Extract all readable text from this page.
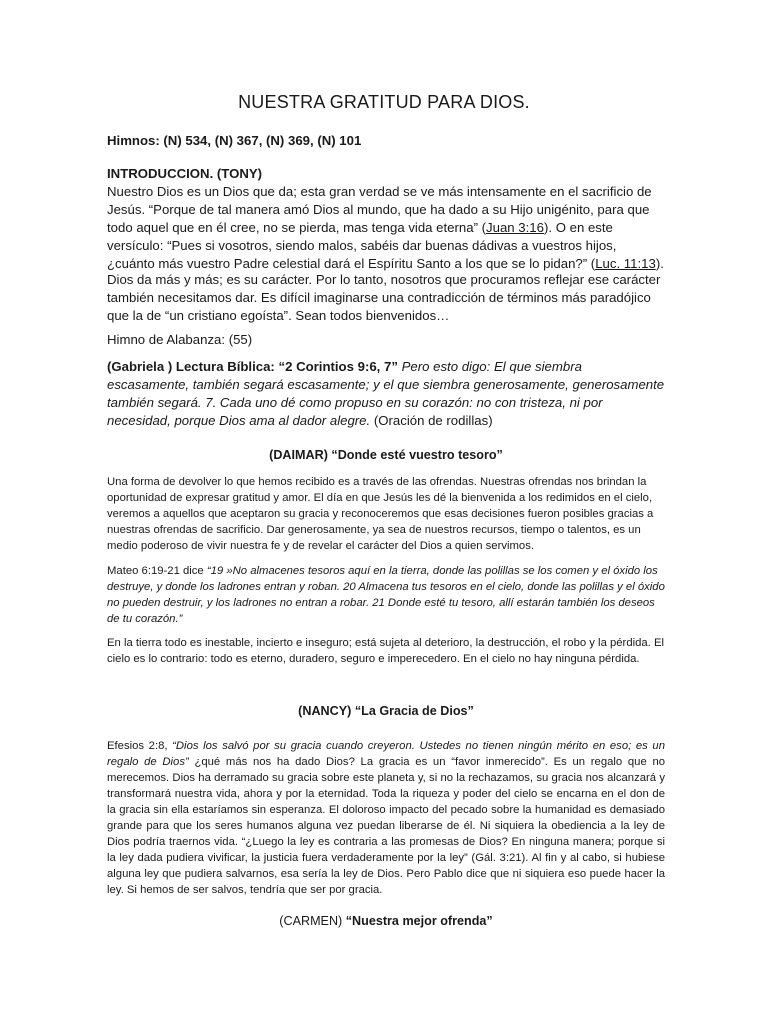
NUESTRA GRATITUD PARA DIOS.

Himnos: (N) 534, (N) 367, (N) 369, (N) 101

INTRODUCCION. (TONY)

Nuestro Dios es un Dios que da; esta gran verdad se ve más intensamente en el sacrificio de Jesús. “Porque de tal manera amó Dios al mundo, que ha dado a su Hijo unigénito, para que todo aquel que en él cree, no se pierda, mas tenga vida eterna” (Juan 3:16). O en este versículo: “Pues si vosotros, siendo malos, sabéis dar buenas dádivas a vuestros hijos, ¿cuánto más vuestro Padre celestial dará el Espíritu Santo a los que se lo pidan?” (Luc. 11:13).

Dios da más y más; es su carácter. Por lo tanto, nosotros que procuramos reflejar ese carácter también necesitamos dar. Es difícil imaginarse una contradicción de términos más paradójico que la de “un cristiano egoísta”. Sean todos bienvenidos…

Himno de Alabanza: (55)

(Gabriela ) Lectura Bíblica: “2 Corintios 9:6, 7” Pero esto digo: El que siembra escasamente, también segará escasamente; y el que siembra generosamente, generosamente también segará. 7. Cada uno dé como propuso en su corazón: no con tristeza, ni por necesidad, porque Dios ama al dador alegre. (Oración de rodillas)

(DAIMAR) “Donde esté vuestro tesoro”

Una forma de devolver lo que hemos recibido es a través de las ofrendas. Nuestras ofrendas nos brindan la oportunidad de expresar gratitud y amor. El día en que Jesús les dé la bienvenida a los redimidos en el cielo, veremos a aquellos que aceptaron su gracia y reconoceremos que esas decisiones fueron posibles gracias a nuestras ofrendas de sacrificio. Dar generosamente, ya sea de nuestros recursos, tiempo o talentos, es un medio poderoso de vivir nuestra fe y de revelar el carácter del Dios a quien servimos.

Mateo 6:19-21 dice “19 »No almacenes tesoros aquí en la tierra, donde las polillas se los comen y el óxido los destruye, y donde los ladrones entran y roban. 20 Almacena tus tesoros en el cielo, donde las polillas y el óxido no pueden destruir, y los ladrones no entran a robar. 21 Donde esté tu tesoro, allí estarán también los deseos de tu corazón.”

En la tierra todo es inestable, incierto e inseguro; está sujeta al deterioro, la destrucción, el robo y la pérdida. El cielo es lo contrario: todo es eterno, duradero, seguro e imperecedero. En el cielo no hay ninguna pérdida.

(NANCY) “La Gracia de Dios”

Efesios 2:8, “Dios los salvó por su gracia cuando creyeron. Ustedes no tienen ningún mérito en eso; es un regalo de Dios” ¿qué más nos ha dado Dios? La gracia es un “favor inmerecido”. Es un regalo que no merecemos. Dios ha derramado su gracia sobre este planeta y, si no la rechazamos, su gracia nos alcanzará y transformará nuestra vida, ahora y por la eternidad. Toda la riqueza y poder del cielo se encarna en el don de la gracia sin ella estaríamos sin esperanza. El doloroso impacto del pecado sobre la humanidad es demasiado grande para que los seres humanos alguna vez puedan liberarse de él. Ni siquiera la obediencia a la ley de Dios podría traernos vida. “¿Luego la ley es contraria a las promesas de Dios? En ninguna manera; porque si la ley dada pudiera vivificar, la justicia fuera verdaderamente por la ley” (Gál. 3:21). Al fin y al cabo, si hubiese alguna ley que pudiera salvarnos, esa sería la ley de Dios. Pero Pablo dice que ni siquiera eso puede hacer la ley. Si hemos de ser salvos, tendría que ser por gracia.

(CARMEN) “Nuestra mejor ofrenda”
